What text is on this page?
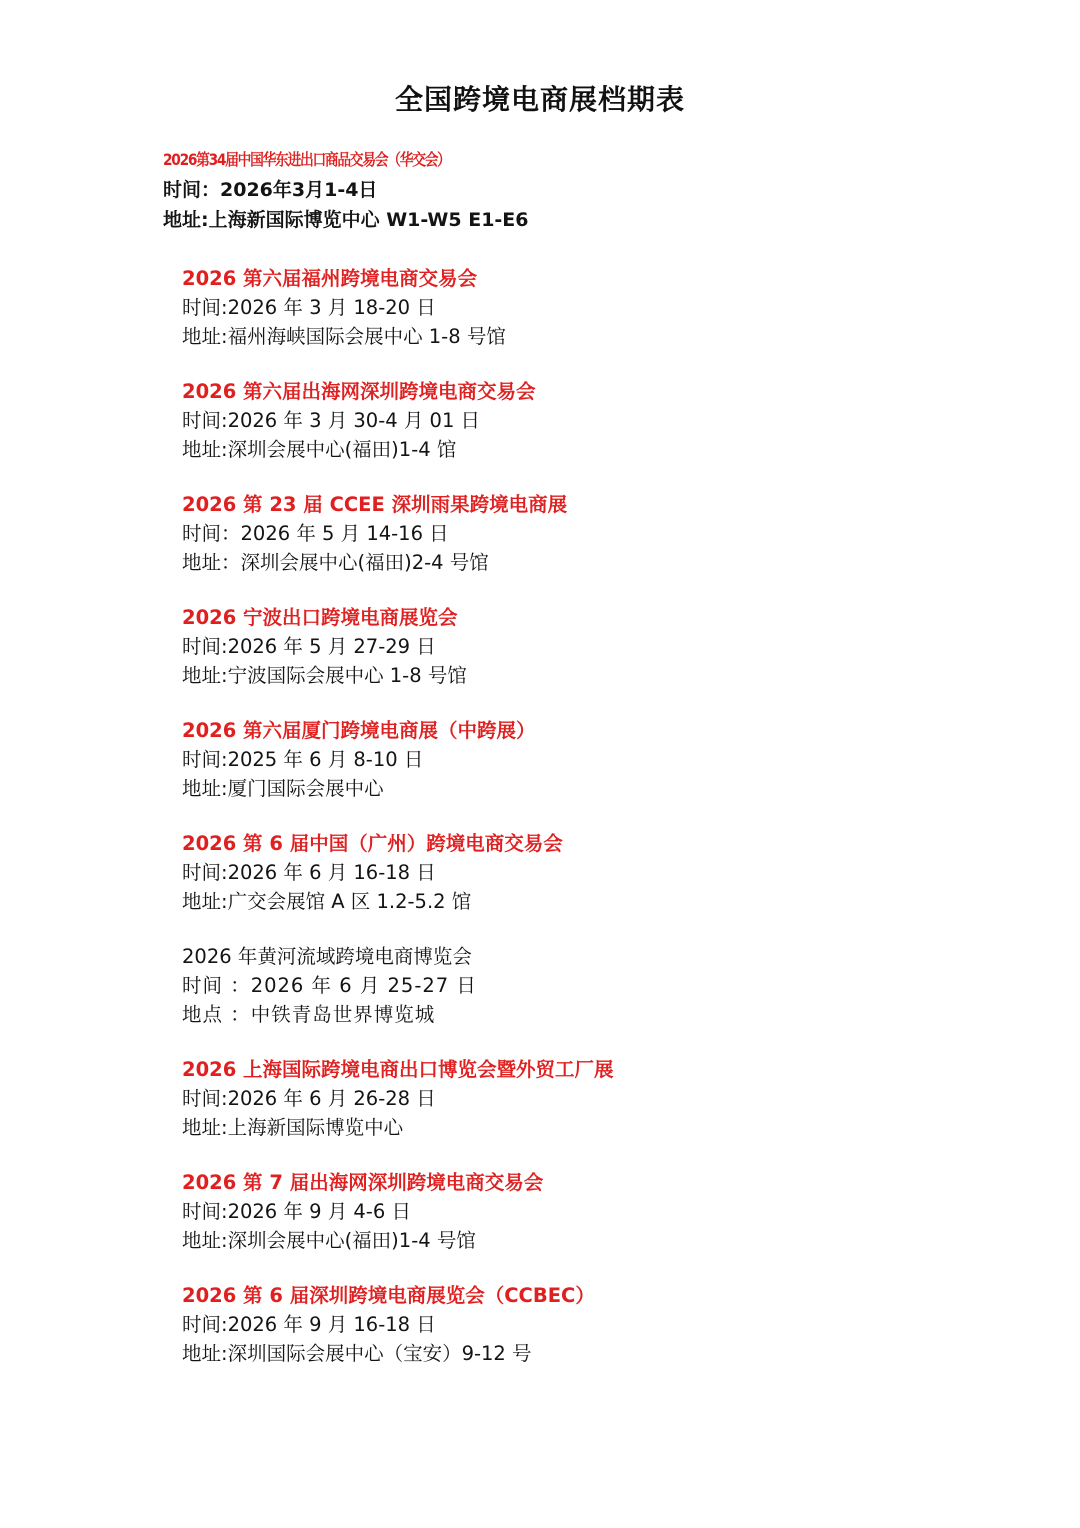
全国跨境电商展档期表
2026第34届中国华东进出口商品交易会（华交会）
时间：2026年3月1-4日
地址:上海新国际博览中心 W1-W5 E1-E6
2026 第六届福州跨境电商交易会
时间:2026 年 3 月 18-20 日
地址:福州海峡国际会展中心 1-8 号馆
2026 第六届出海网深圳跨境电商交易会
时间:2026 年 3 月 30-4 月 01 日
地址:深圳会展中心(福田)1-4 馆
2026 第 23 届 CCEE 深圳雨果跨境电商展
时间：2026 年 5 月 14-16 日
地址：深圳会展中心(福田)2-4 号馆
2026 宁波出口跨境电商展览会
时间:2026 年 5 月 27-29 日
地址:宁波国际会展中心 1-8 号馆
2026 第六届厦门跨境电商展（中跨展）
时间:2025 年 6 月 8-10 日
地址:厦门国际会展中心
2026 第 6 届中国（广州）跨境电商交易会
时间:2026 年 6 月 16-18 日
地址:广交会展馆 A 区 1.2-5.2 馆
2026 年黄河流域跨境电商博览会
时间 ：2026 年 6 月 25-27 日
地点 ：中铁青岛世界博览城
2026 上海国际跨境电商出口博览会暨外贸工厂展
时间:2026 年 6 月 26-28 日
地址:上海新国际博览中心
2026 第 7 届出海网深圳跨境电商交易会
时间:2026 年 9 月 4-6 日
地址:深圳会展中心(福田)1-4 号馆
2026 第 6 届深圳跨境电商展览会（CCBEC）
时间:2026 年 9 月 16-18 日
地址:深圳国际会展中心（宝安）9-12 号
